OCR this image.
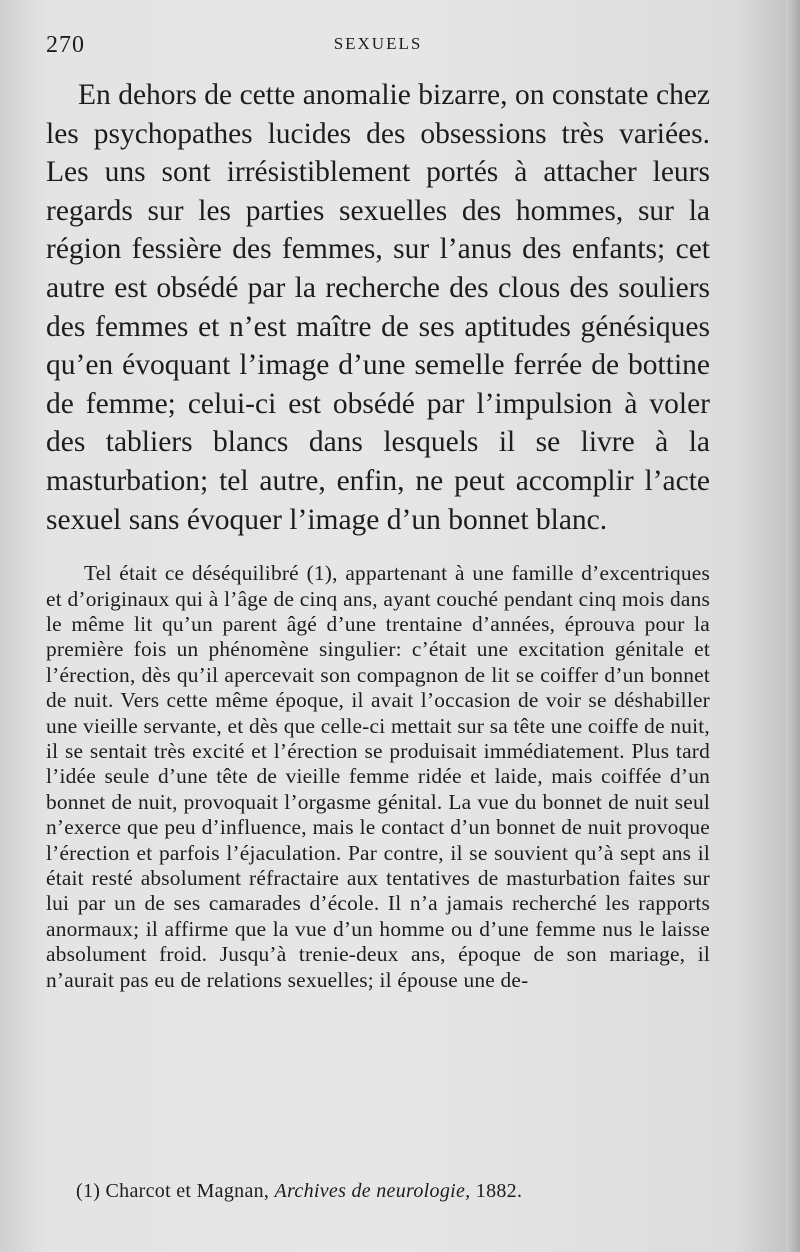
270	SEXUELS

En dehors de cette anomalie bizarre, on constate chez les psychopathes lucides des obsessions très variées. Les uns sont irrésistiblement portés à attacher leurs regards sur les parties sexuelles des hommes, sur la région fessière des femmes, sur l’anus des enfants; cet autre est obsédé par la recherche des clous des souliers des femmes et n’est maître de ses aptitudes génésiques qu’en évoquant l’image d’une semelle ferrée de bottine de femme; celui-ci est obsédé par l’impulsion à voler des tabliers blancs dans lesquels il se livre à la masturbation; tel autre, enfin, ne peut accomplir l’acte sexuel sans évoquer l’image d’un bonnet blanc.

Tel était ce déséquilibré (1), appartenant à une famille d’excentriques et d’originaux qui à l’âge de cinq ans, ayant couché pendant cinq mois dans le même lit qu’un parent âgé d’une trentaine d’années, éprouva pour la première fois un phénomène singulier: c’était une excitation génitale et l’érection, dès qu’il apercevait son compagnon de lit se coiffer d’un bonnet de nuit. Vers cette même époque, il avait l’occasion de voir se déshabiller une vieille servante, et dès que celle-ci mettait sur sa tête une coiffe de nuit, il se sentait très excité et l’érection se produisait immédiatement. Plus tard l’idée seule d’une tête de vieille femme ridée et laide, mais coiffée d’un bonnet de nuit, provoquait l’orgasme génital. La vue du bonnet de nuit seul n’exerce que peu d’influence, mais le contact d’un bonnet de nuit provoque l’érection et parfois l’éjaculation. Par contre, il se souvient qu’à sept ans il était resté absolument réfractaire aux tentatives de masturbation faites sur lui par un de ses camarades d’école. Il n’a jamais recherché les rapports anormaux; il affirme que la vue d’un homme ou d’une femme nus le laisse absolument froid. Jusqu’à trenie-deux ans, époque de son mariage, il n’aurait pas eu de relations sexuelles; il épouse une de-

(1) Charcot et Magnan, Archives de neurologie, 1882.
